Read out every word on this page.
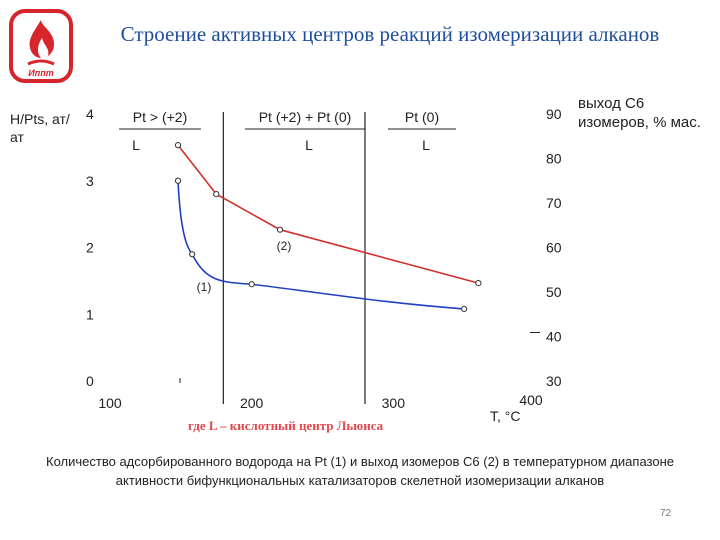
Иппт
Строение активных центров реакций изомеризации алканов
H/Pts, ат/ат
выход C6 изомеров, % мас.
Pt > (+2)
L
Pt (+2) + Pt (0)
L
Pt (0)
L
0
1
2
3
4
30
40
50
60
70
80
90
100	200	300	400
(1)
(2)
T, °C
где L – кислотный центр Льюиса
Количество адсорбированного водорода на Pt (1) и выход изомеров C6 (2) в температурном диапазоне активности бифункциональных катализаторов скелетной изомеризации алканов
72
